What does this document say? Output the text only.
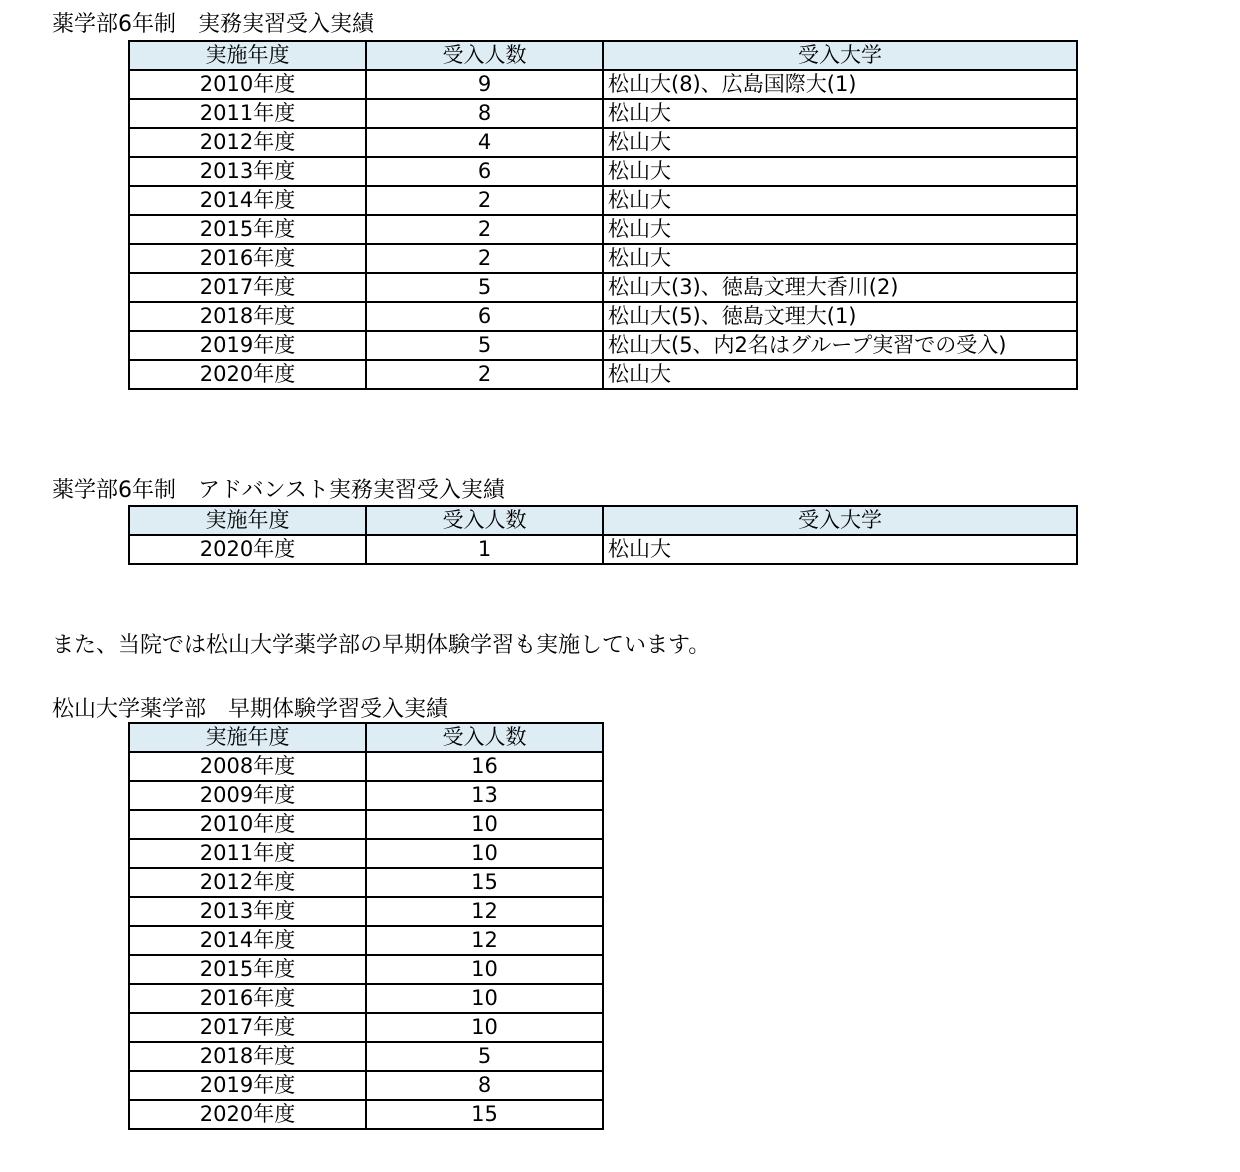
薬学部6年制　実務実習受入実績
実施年度	受入人数	受入大学
2010年度	9	松山大(8)、広島国際大(1)
2011年度	8	松山大
2012年度	4	松山大
2013年度	6	松山大
2014年度	2	松山大
2015年度	2	松山大
2016年度	2	松山大
2017年度	5	松山大(3)、徳島文理大香川(2)
2018年度	6	松山大(5)、徳島文理大(1)
2019年度	5	松山大(5、内2名はグループ実習での受入)
2020年度	2	松山大
薬学部6年制　アドバンスト実務実習受入実績
実施年度	受入人数	受入大学
2020年度	1	松山大
また、当院では松山大学薬学部の早期体験学習も実施しています。
松山大学薬学部　早期体験学習受入実績
実施年度	受入人数
2008年度	16
2009年度	13
2010年度	10
2011年度	10
2012年度	15
2013年度	12
2014年度	12
2015年度	10
2016年度	10
2017年度	10
2018年度	5
2019年度	8
2020年度	15
